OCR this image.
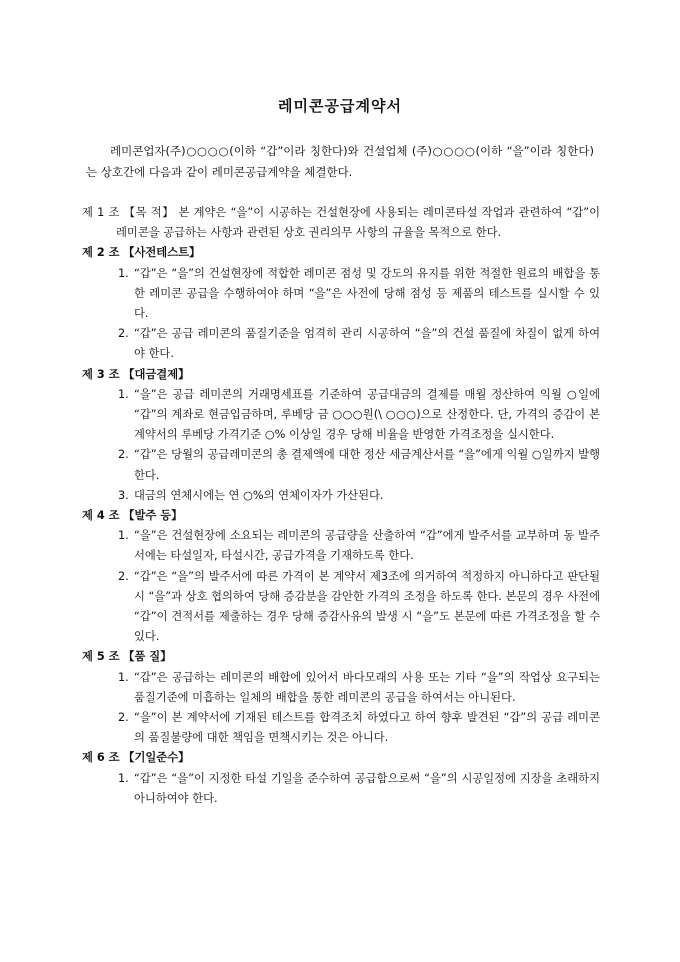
레미콘공급계약서

레미콘업자(주)○○○○(이하 “갑”이라 칭한다)와 건설업체 (주)○○○○(이하 “을”이라 칭한다)는 상호간에 다음과 같이 레미콘공급계약을 체결한다.

제 1 조 【목 적】 본 계약은 “을”이 시공하는 건설현장에 사용되는 레미콘타설 작업과 관련하여 “갑”이 레미콘을 공급하는 사항과 관련된 상호 권리의무 사항의 규율을 목적으로 한다.
제 2 조 【사전테스트】
1. “갑”은 “을”의 건설현장에 적합한 레미콘 점성 및 강도의 유지를 위한 적절한 원료의 배합을 통한 레미콘 공급을 수행하여야 하며 “을”은 사전에 당해 점성 등 제품의 테스트를 실시할 수 있다.
2. “갑”은 공급 레미콘의 품질기준을 엄격히 관리 시공하여 “을”의 건설 품질에 차질이 없게 하여야 한다.
제 3 조 【대금결제】
1. “을”은 공급 레미콘의 거래명세표를 기준하여 공급대금의 결제를 매월 정산하여 익월 ○일에 “갑”의 계좌로 현금입금하며, 루베당 금 ○○○원(\ ○○○)으로 산정한다. 단, 가격의 증감이 본 계약서의 루베당 가격기준 ○% 이상일 경우 당해 비율을 반영한 가격조정을 실시한다.
2. “갑”은 당월의 공급레미콘의 총 결제액에 대한 정산 세금계산서를 “을”에게 익월 ○일까지 발행한다.
3. 대금의 연체시에는 연 ○%의 연체이자가 가산된다.
제 4 조 【발주 등】
1. “을”은 건설현장에 소요되는 레미콘의 공급량을 산출하여 “갑”에게 발주서를 교부하며 동 발주서에는 타설일자, 타설시간, 공급가격을 기재하도록 한다.
2. “갑”은 “을”의 발주서에 따른 가격이 본 계약서 제3조에 의거하여 적정하지 아니하다고 판단될 시 “을”과 상호 협의하여 당해 증감분을 감안한 가격의 조정을 하도록 한다. 본문의 경우 사전에 “갑”이 견적서를 제출하는 경우 당해 증감사유의 발생 시 “을”도 본문에 따른 가격조정을 할 수 있다.
제 5 조 【품 질】
1. “갑”은 공급하는 레미콘의 배합에 있어서 바다모래의 사용 또는 기타 “을”의 작업상 요구되는 품질기준에 미흡하는 일체의 배합을 통한 레미콘의 공급을 하여서는 아니된다.
2. “을”이 본 계약서에 기재된 테스트를 합격조치 하였다고 하여 향후 발견된 “갑”의 공급 레미콘의 품질불량에 대한 책임을 면책시키는 것은 아니다.
제 6 조 【기일준수】
1. “갑”은 “을”이 지정한 타설 기일을 준수하여 공급함으로써 “을”의 시공일정에 지장을 초래하지 아니하여야 한다.
